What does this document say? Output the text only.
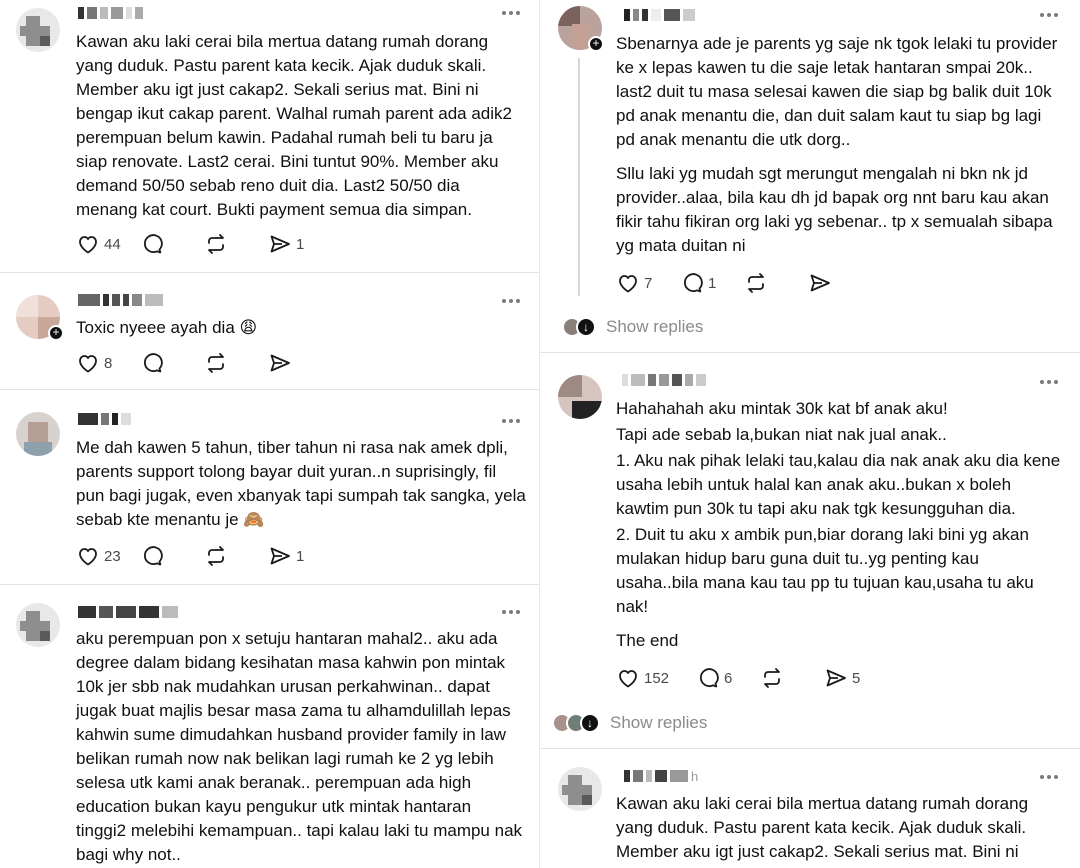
Kawan aku laki cerai bila mertua datang rumah dorang
yang duduk. Pastu parent kata kecik. Ajak duduk skali.
Member aku igt just cakap2. Sekali serius mat. Bini ni
bengap ikut cakap parent. Walhal rumah parent ada adik2
perempuan belum kawin. Padahal rumah beli tu baru ja
siap renovate. Last2 cerai. Bini tuntut 90%. Member aku
demand 50/50 sebab reno duit dia. Last2 50/50 dia
menang kat court. Bukti payment semua dia simpan.
44	1
+ Toxic nyeee ayah dia 😩
8
Me dah kawen 5 tahun, tiber tahun ni rasa nak amek dpli,
parents support tolong bayar duit yuran..n suprisingly, fil
pun bagi jugak, even xbanyak tapi sumpah tak sangka, yela
sebab kte menantu je 🙈
23	1
aku perempuan pon x setuju hantaran mahal2.. aku ada
degree dalam bidang kesihatan masa kahwin pon mintak
10k jer sbb nak mudahkan urusan perkahwinan.. dapat
jugak buat majlis besar masa zama tu alhamdulillah lepas
kahwin sume dimudahkan husband provider family in law
belikan rumah now nak belikan lagi rumah ke 2 yg lebih
selesa utk kami anak beranak.. perempuan ada high
education bukan kayu pengukur utk mintak hantaran
tinggi2 melebihi kemampuan.. tapi kalau laki tu mampu nak
bagi why not..
+ Sbenarnya ade je parents yg saje nk tgok lelaki tu provider
ke x lepas kawen tu die saje letak hantaran smpai 20k..
last2 duit tu masa selesai kawen die siap bg balik duit 10k
pd anak menantu die, dan duit salam kaut tu siap bg lagi
pd anak menantu die utk dorg..
Sllu laki yg mudah sgt merungut mengalah ni bkn nk jd
provider..alaa, bila kau dh jd bapak org nnt baru kau akan
fikir tahu fikiran org laki yg sebenar.. tp x semualah sibapa
yg mata duitan ni
7	1
↓	Show replies
Hahahahah aku mintak 30k kat bf anak aku!
Tapi ade sebab la,bukan niat nak jual anak..
1. Aku nak pihak lelaki tau,kalau dia nak anak aku dia kene
usaha lebih untuk halal kan anak aku..bukan x boleh
kawtim pun 30k tu tapi aku nak tgk kesungguhan dia.
2. Duit tu aku x ambik pun,biar dorang laki bini yg akan
mulakan hidup baru guna duit tu..yg penting kau
usaha..bila mana kau tau pp tu tujuan kau,usaha tu aku
nak!
The end
152	6	5
↓	Show replies
h
Kawan aku laki cerai bila mertua datang rumah dorang
yang duduk. Pastu parent kata kecik. Ajak duduk skali.
Member aku igt just cakap2. Sekali serius mat. Bini ni
